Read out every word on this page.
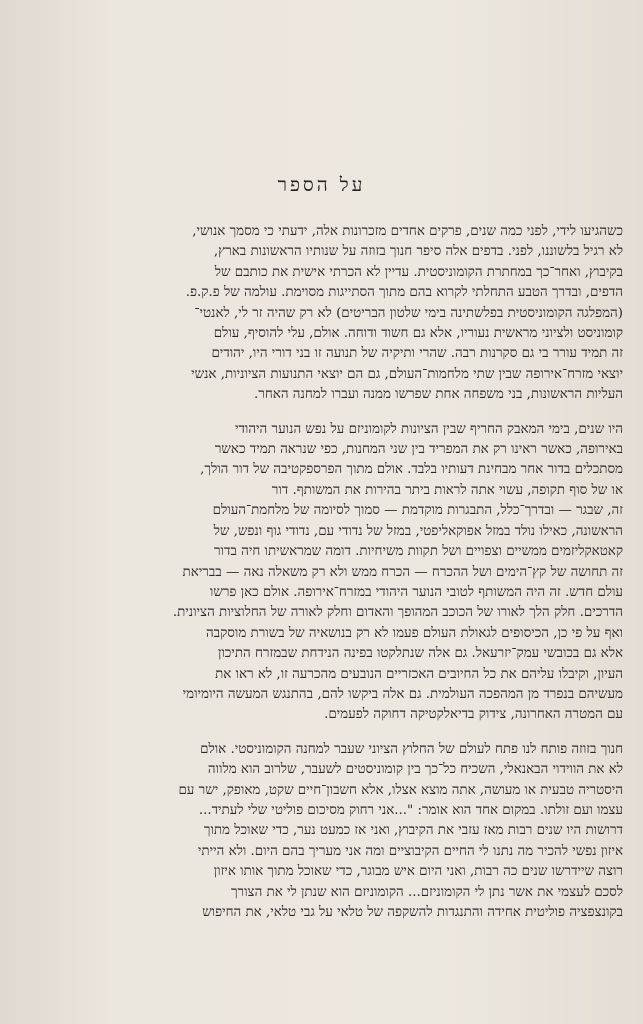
על הספר
כשהגיעו לידי, לפני כמה שנים, פרקים אחדים מזכרונות אלה, ידעתי כי מסמך אנושי,
לא רגיל בלשוננו, לפני. בדפים אלה סיפר חנוך בזוזה על שנותיו הראשונות בארץ,
בקיבוץ, ואחר־כך במחתרת הקומוניסטית. עדיין לא הכרתי אישית את כותבם של
הדפים, ובדרך הטבע התחלתי לקרוא בהם מתוך הסתייגות מסוימת. עולמה של פ.ק.פ.
(המפלגה הקומוניסטית בפלשתינה בימי שלטון הבריטים) לא רק שהיה זר לי, לאנטי־
קומוניסט ולציוני מראשית נעוריו, אלא גם חשוד ודוחה. אולם, עלי להוסיף, עולם
זה תמיד עורר בי גם סקרנות רבה. שהרי ותיקיה של תנועה זו בני דורי היו, יהודים
יוצאי מזרח־אירופה שבין שתי מלחמות־העולם, גם הם יוצאי התנועות הציוניות, אנשי
העליות הראשונות, בני משפחה אחת שפרשו ממנה ועברו למחנה האחר.
היו שנים, בימי המאבק החריף שבין הציונות לקומוניזם על נפש הנוער היהודי
באירופה, כאשר ראינו רק את המפריד בין שני המחנות, כפי שנראה תמיד כאשר
מסתכלים בדור אחר מבחינת דעותיו בלבד. אולם מתוך הפרספקטיבה של דור הולך,
או של סוף תקופה, עשוי אתה לראות ביתר בהירות את המשותף. דור
זה, שבגר — ובדרך־כלל, התבגרות מוקדמת — סמוך לסיומה של מלחמת־העולם
הראשונה, כאילו נולד במזל אפוקאליפטי, במזל של נדודי עם, נדודי גוף ונפש, של
קאטאקליזמים ממשיים וצפויים ושל תקוות משיחיות. דומה שמראשיתו חיה בדור
זה תחושה של קץ־הימים ושל ההכרח — הכרח ממש ולא רק משאלה נאה — בבריאת
עולם חדש. זה היה המשותף לטובי הנוער היהודי במזרח־אירופה. אולם כאן פרשו
הדרכים. חלק הלך לאורו של הכוכב המהופך והאדום וחלק לאורה של החלוציות הציונית.
ואף על פי כן, הכיסופים לגאולת העולם פעמו לא רק בנושאיה של בשורת מוסקבה
אלא גם בכובשי עמק־יזרעאל. גם אלה שנתלקטו בפינה הנידחת שבמזרח התיכון
העיון, וקיבלו עליהם את כל החיובים האכזריים הנובעים מהכרעה זו, לא ראו את
מעשיהם בנפרד מן המהפכה העולמית. גם אלה ביקשו להם, בהתנגש המעשה היומיומי
עם המטרה האחרונה, צידוק בדיאלקטיקה דחוקה לפעמים.
חנוך בזוזה פותח לנו פתח לעולם של החלוץ הציוני שעבר למחנה הקומוניסטי. אולם
לא את הווידוי הבאנאלי, השכיח כל־כך בין קומוניסטים לשעבר, שלרוב הוא מלווה
היסטריה טבעית או מעושה, אתה מוצא אצלו, אלא חשבון־חיים שקט, מאופק, ישר עם
עצמו ועם זולתו. במקום אחד הוא אומר: "...אני רחוק מסיכום פוליטי שלי לעתיד...
דרושות היו שנים רבות מאז עזבי את הקיבוץ, ואני אז כמעט נער, כדי שאוכל מתוך
איזון נפשי להכיר מה נתנו לי החיים הקיבוציים ומה אני מעריך בהם היום. ולא הייתי
רוצה שיידרשו שנים כה רבות, ואני היום איש מבוגר, כדי שאוכל מתוך אותו איזון
לסכם לעצמי את אשר נתן לי הקומוניזם... הקומוניזם הוא שנתן לי את הצורך
בקונצפציה פוליטית אחידה והתנגדות להשקפה של טלאי על גבי טלאי, את החיפוש
